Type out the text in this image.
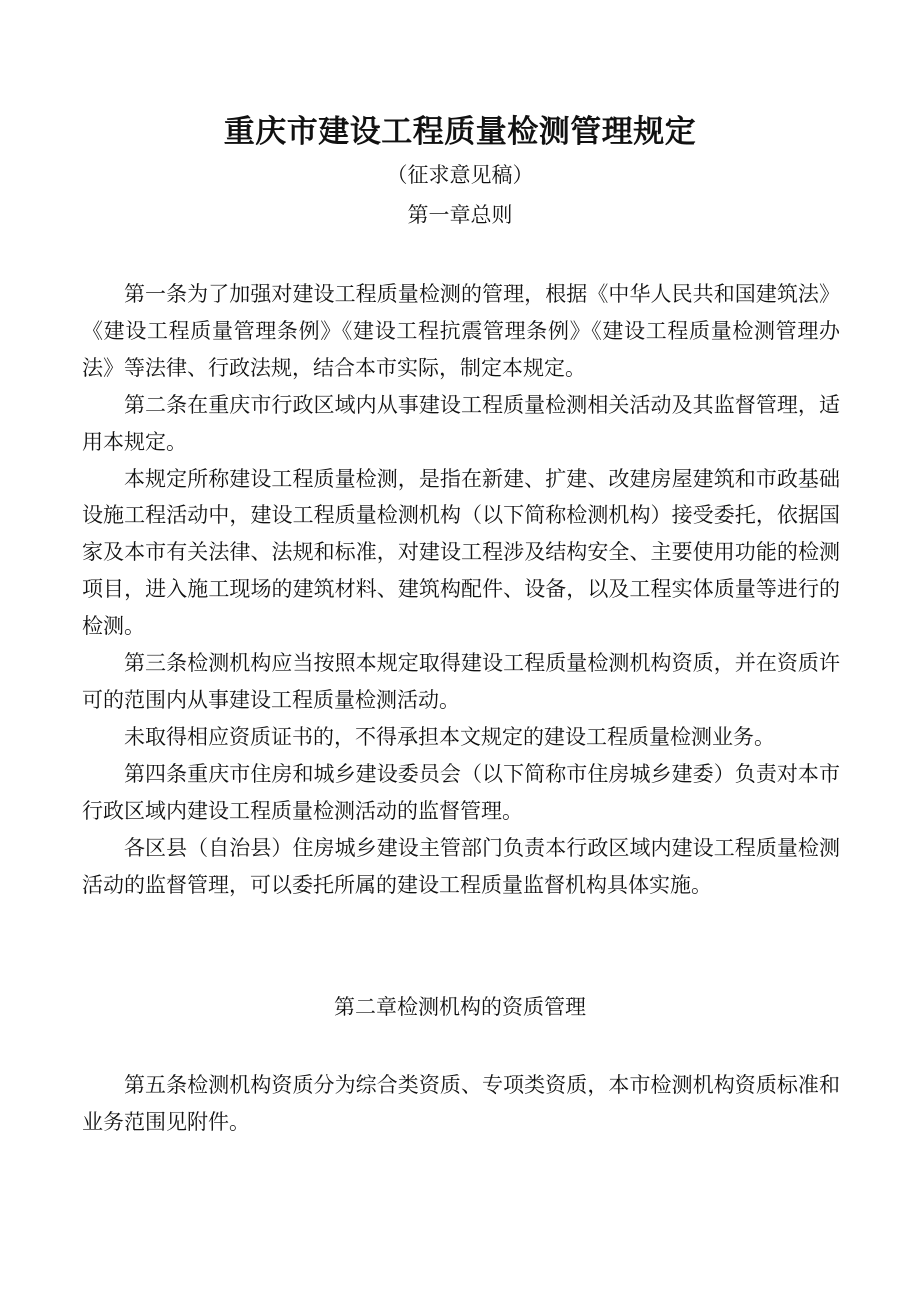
重庆市建设工程质量检测管理规定
（征求意见稿）
第一章总则

第一条为了加强对建设工程质量检测的管理，根据《中华人民共和国建筑法》《建设工程质量管理条例》《建设工程抗震管理条例》《建设工程质量检测管理办法》等法律、行政法规，结合本市实际，制定本规定。

第二条在重庆市行政区域内从事建设工程质量检测相关活动及其监督管理，适用本规定。

本规定所称建设工程质量检测，是指在新建、扩建、改建房屋建筑和市政基础设施工程活动中，建设工程质量检测机构（以下简称检测机构）接受委托，依据国家及本市有关法律、法规和标准，对建设工程涉及结构安全、主要使用功能的检测项目，进入施工现场的建筑材料、建筑构配件、设备，以及工程实体质量等进行的检测。

第三条检测机构应当按照本规定取得建设工程质量检测机构资质，并在资质许可的范围内从事建设工程质量检测活动。

未取得相应资质证书的，不得承担本文规定的建设工程质量检测业务。

第四条重庆市住房和城乡建设委员会（以下简称市住房城乡建委）负责对本市行政区域内建设工程质量检测活动的监督管理。

各区县（自治县）住房城乡建设主管部门负责本行政区域内建设工程质量检测活动的监督管理，可以委托所属的建设工程质量监督机构具体实施。

第二章检测机构的资质管理

第五条检测机构资质分为综合类资质、专项类资质，本市检测机构资质标准和业务范围见附件。
